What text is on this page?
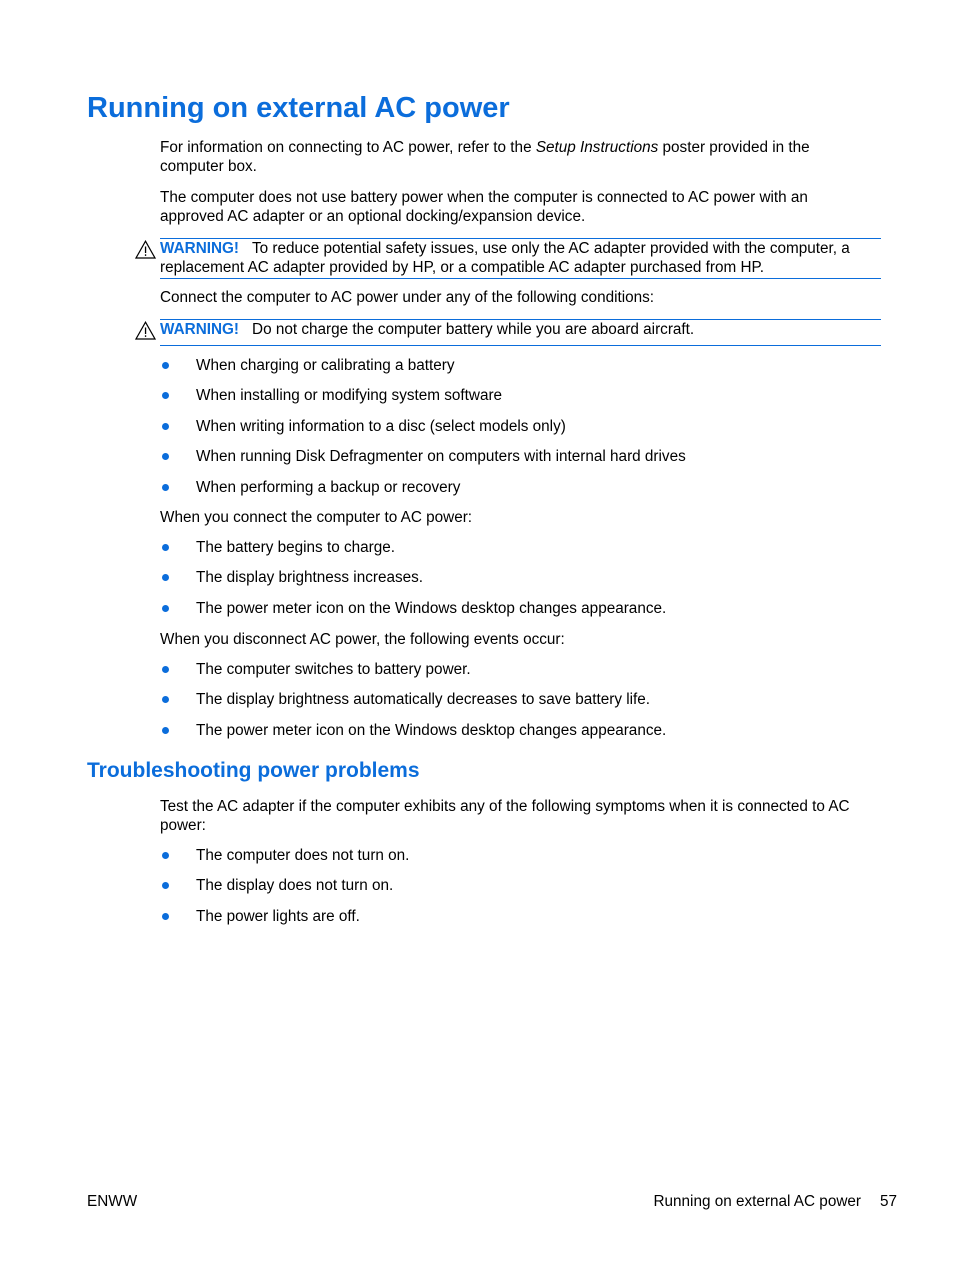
Running on external AC power

For information on connecting to AC power, refer to the Setup Instructions poster provided in the computer box.

The computer does not use battery power when the computer is connected to AC power with an approved AC adapter or an optional docking/expansion device.

WARNING! To reduce potential safety issues, use only the AC adapter provided with the computer, a replacement AC adapter provided by HP, or a compatible AC adapter purchased from HP.

Connect the computer to AC power under any of the following conditions:

WARNING! Do not charge the computer battery while you are aboard aircraft.

When charging or calibrating a battery
When installing or modifying system software
When writing information to a disc (select models only)
When running Disk Defragmenter on computers with internal hard drives
When performing a backup or recovery

When you connect the computer to AC power:

The battery begins to charge.
The display brightness increases.
The power meter icon on the Windows desktop changes appearance.

When you disconnect AC power, the following events occur:

The computer switches to battery power.
The display brightness automatically decreases to save battery life.
The power meter icon on the Windows desktop changes appearance.
Troubleshooting power problems

Test the AC adapter if the computer exhibits any of the following symptoms when it is connected to AC power:

The computer does not turn on.
The display does not turn on.
The power lights are off.

ENWW	Running on external AC power 57
